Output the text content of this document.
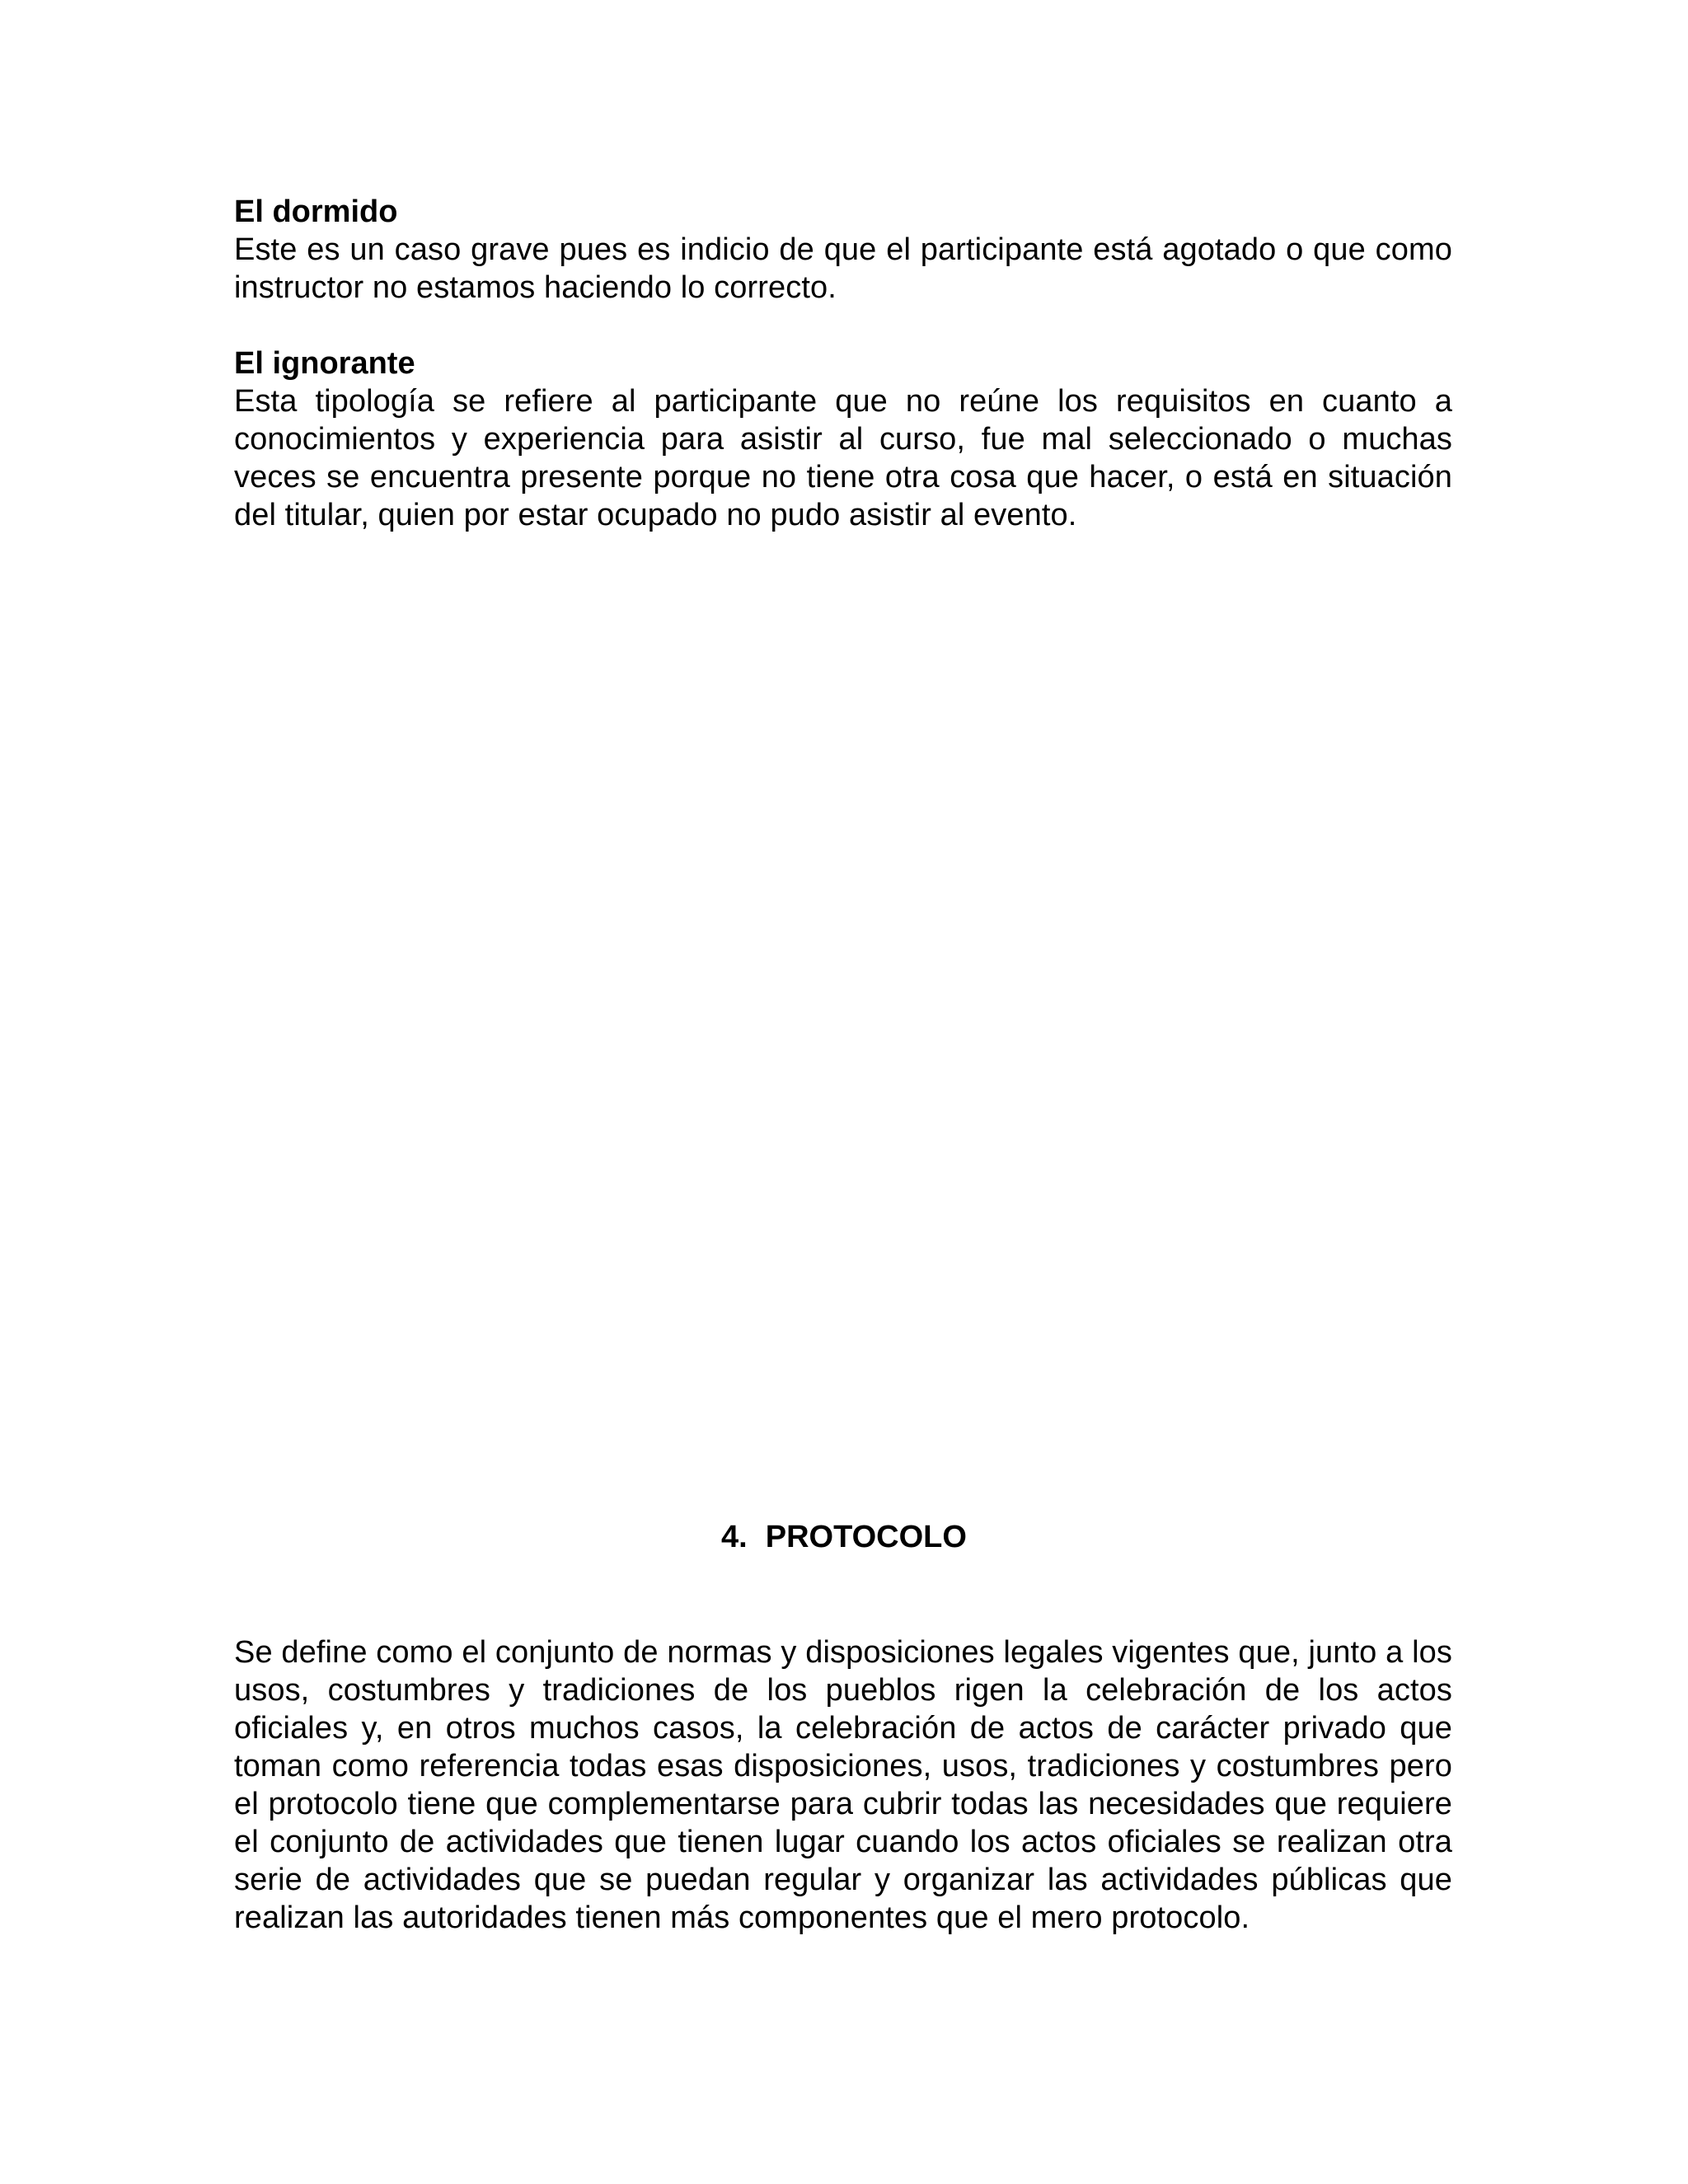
El dormido

Este es un caso grave pues es indicio de que el participante está agotado o que como instructor no estamos haciendo lo correcto.

El ignorante

Esta tipología se refiere al participante que no reúne los requisitos en cuanto a conocimientos y experiencia para asistir al curso, fue mal seleccionado o muchas veces se encuentra presente porque no tiene otra cosa que hacer, o está en situación del titular, quien por estar ocupado no pudo asistir al evento.

4. PROTOCOLO

Se define como el conjunto de normas y disposiciones legales vigentes que, junto a los usos, costumbres y tradiciones de los pueblos rigen la celebración de los actos oficiales y, en otros muchos casos, la celebración de actos de carácter privado que toman como referencia todas esas disposiciones, usos, tradiciones y costumbres pero el protocolo tiene que complementarse para cubrir todas las necesidades que requiere el conjunto de actividades que tienen lugar cuando los actos oficiales se realizan otra serie de actividades que se puedan regular y organizar las actividades públicas que realizan las autoridades tienen más componentes que el mero protocolo.
